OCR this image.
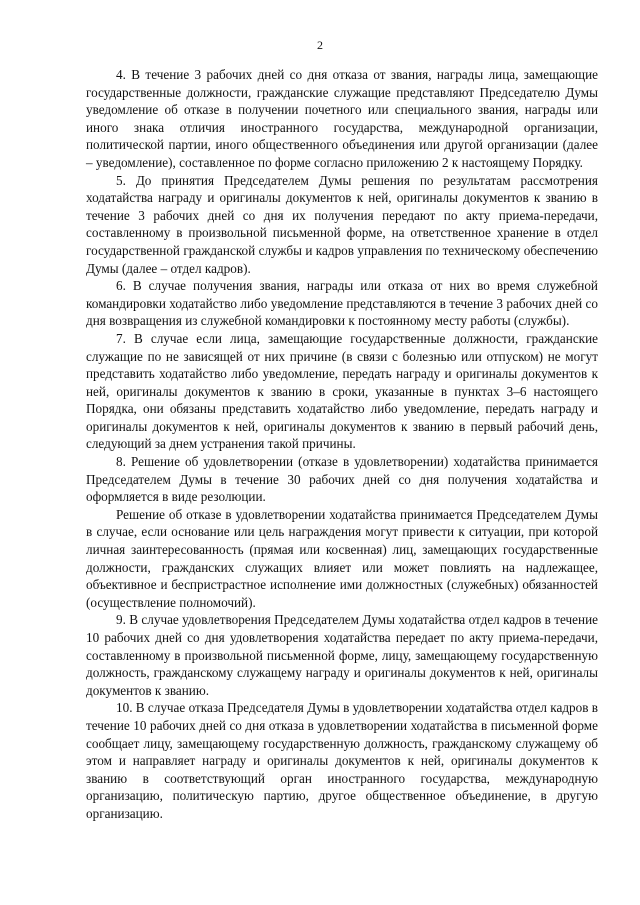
2

4. В течение 3 рабочих дней со дня отказа от звания, награды лица, замещающие государственные должности, гражданские служащие представляют Председателю Думы уведомление об отказе в получении почетного или специального звания, награды или иного знака отличия иностранного государства, международной организации, политической партии, иного общественного объединения или другой организации (далее – уведомление), составленное по форме согласно приложению 2 к настоящему Порядку.

5. До принятия Председателем Думы решения по результатам рассмотрения ходатайства награду и оригиналы документов к ней, оригиналы документов к званию в течение 3 рабочих дней со дня их получения передают по акту приема-передачи, составленному в произвольной письменной форме, на ответственное хранение в отдел государственной гражданской службы и кадров управления по техническому обеспечению Думы (далее – отдел кадров).

6. В случае получения звания, награды или отказа от них во время служебной командировки ходатайство либо уведомление представляются в течение 3 рабочих дней со дня возвращения из служебной командировки к постоянному месту работы (службы).

7. В случае если лица, замещающие государственные должности, гражданские служащие по не зависящей от них причине (в связи с болезнью или отпуском) не могут представить ходатайство либо уведомление, передать награду и оригиналы документов к ней, оригиналы документов к званию в сроки, указанные в пунктах 3–6 настоящего Порядка, они обязаны представить ходатайство либо уведомление, передать награду и оригиналы документов к ней, оригиналы документов к званию в первый рабочий день, следующий за днем устранения такой причины.

8. Решение об удовлетворении (отказе в удовлетворении) ходатайства принимается Председателем Думы в течение 30 рабочих дней со дня получения ходатайства и оформляется в виде резолюции.

Решение об отказе в удовлетворении ходатайства принимается Председателем Думы в случае, если основание или цель награждения могут привести к ситуации, при которой личная заинтересованность (прямая или косвенная) лиц, замещающих государственные должности, гражданских служащих влияет или может повлиять на надлежащее, объективное и беспристрастное исполнение ими должностных (служебных) обязанностей (осуществление полномочий).

9. В случае удовлетворения Председателем Думы ходатайства отдел кадров в течение 10 рабочих дней со дня удовлетворения ходатайства передает по акту приема-передачи, составленному в произвольной письменной форме, лицу, замещающему государственную должность, гражданскому служащему награду и оригиналы документов к ней, оригиналы документов к званию.

10. В случае отказа Председателя Думы в удовлетворении ходатайства отдел кадров в течение 10 рабочих дней со дня отказа в удовлетворении ходатайства в письменной форме сообщает лицу, замещающему государственную должность, гражданскому служащему об этом и направляет награду и оригиналы документов к ней, оригиналы документов к званию в соответствующий орган иностранного государства, международную организацию, политическую партию, другое общественное объединение, в другую организацию.
